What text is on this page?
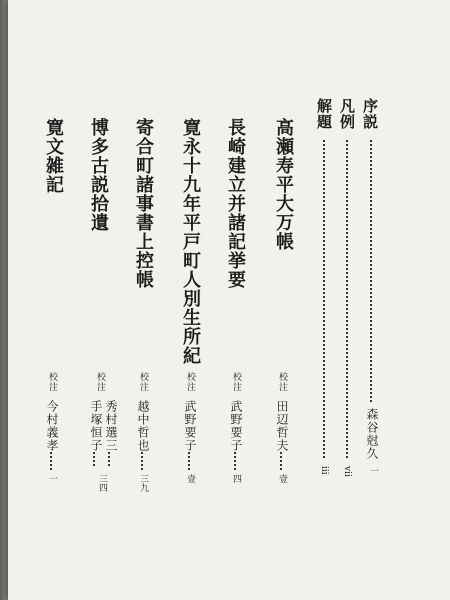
序説
森谷尅久
一
凡例
vii
解題
iii
高瀬寿平大万帳
校注
田辺哲夫
壹
長崎建立并諸記挙要
校注
武野要子
四
寛永十九年平戸町人別生所紀
校注
武野要子
壹
寄合町諸事書上控帳
校注
越中哲也
三九
博多古説拾遺
校注
秀村選三
手塚恒子
三四
寛文雑記
校注
今村義孝
一
